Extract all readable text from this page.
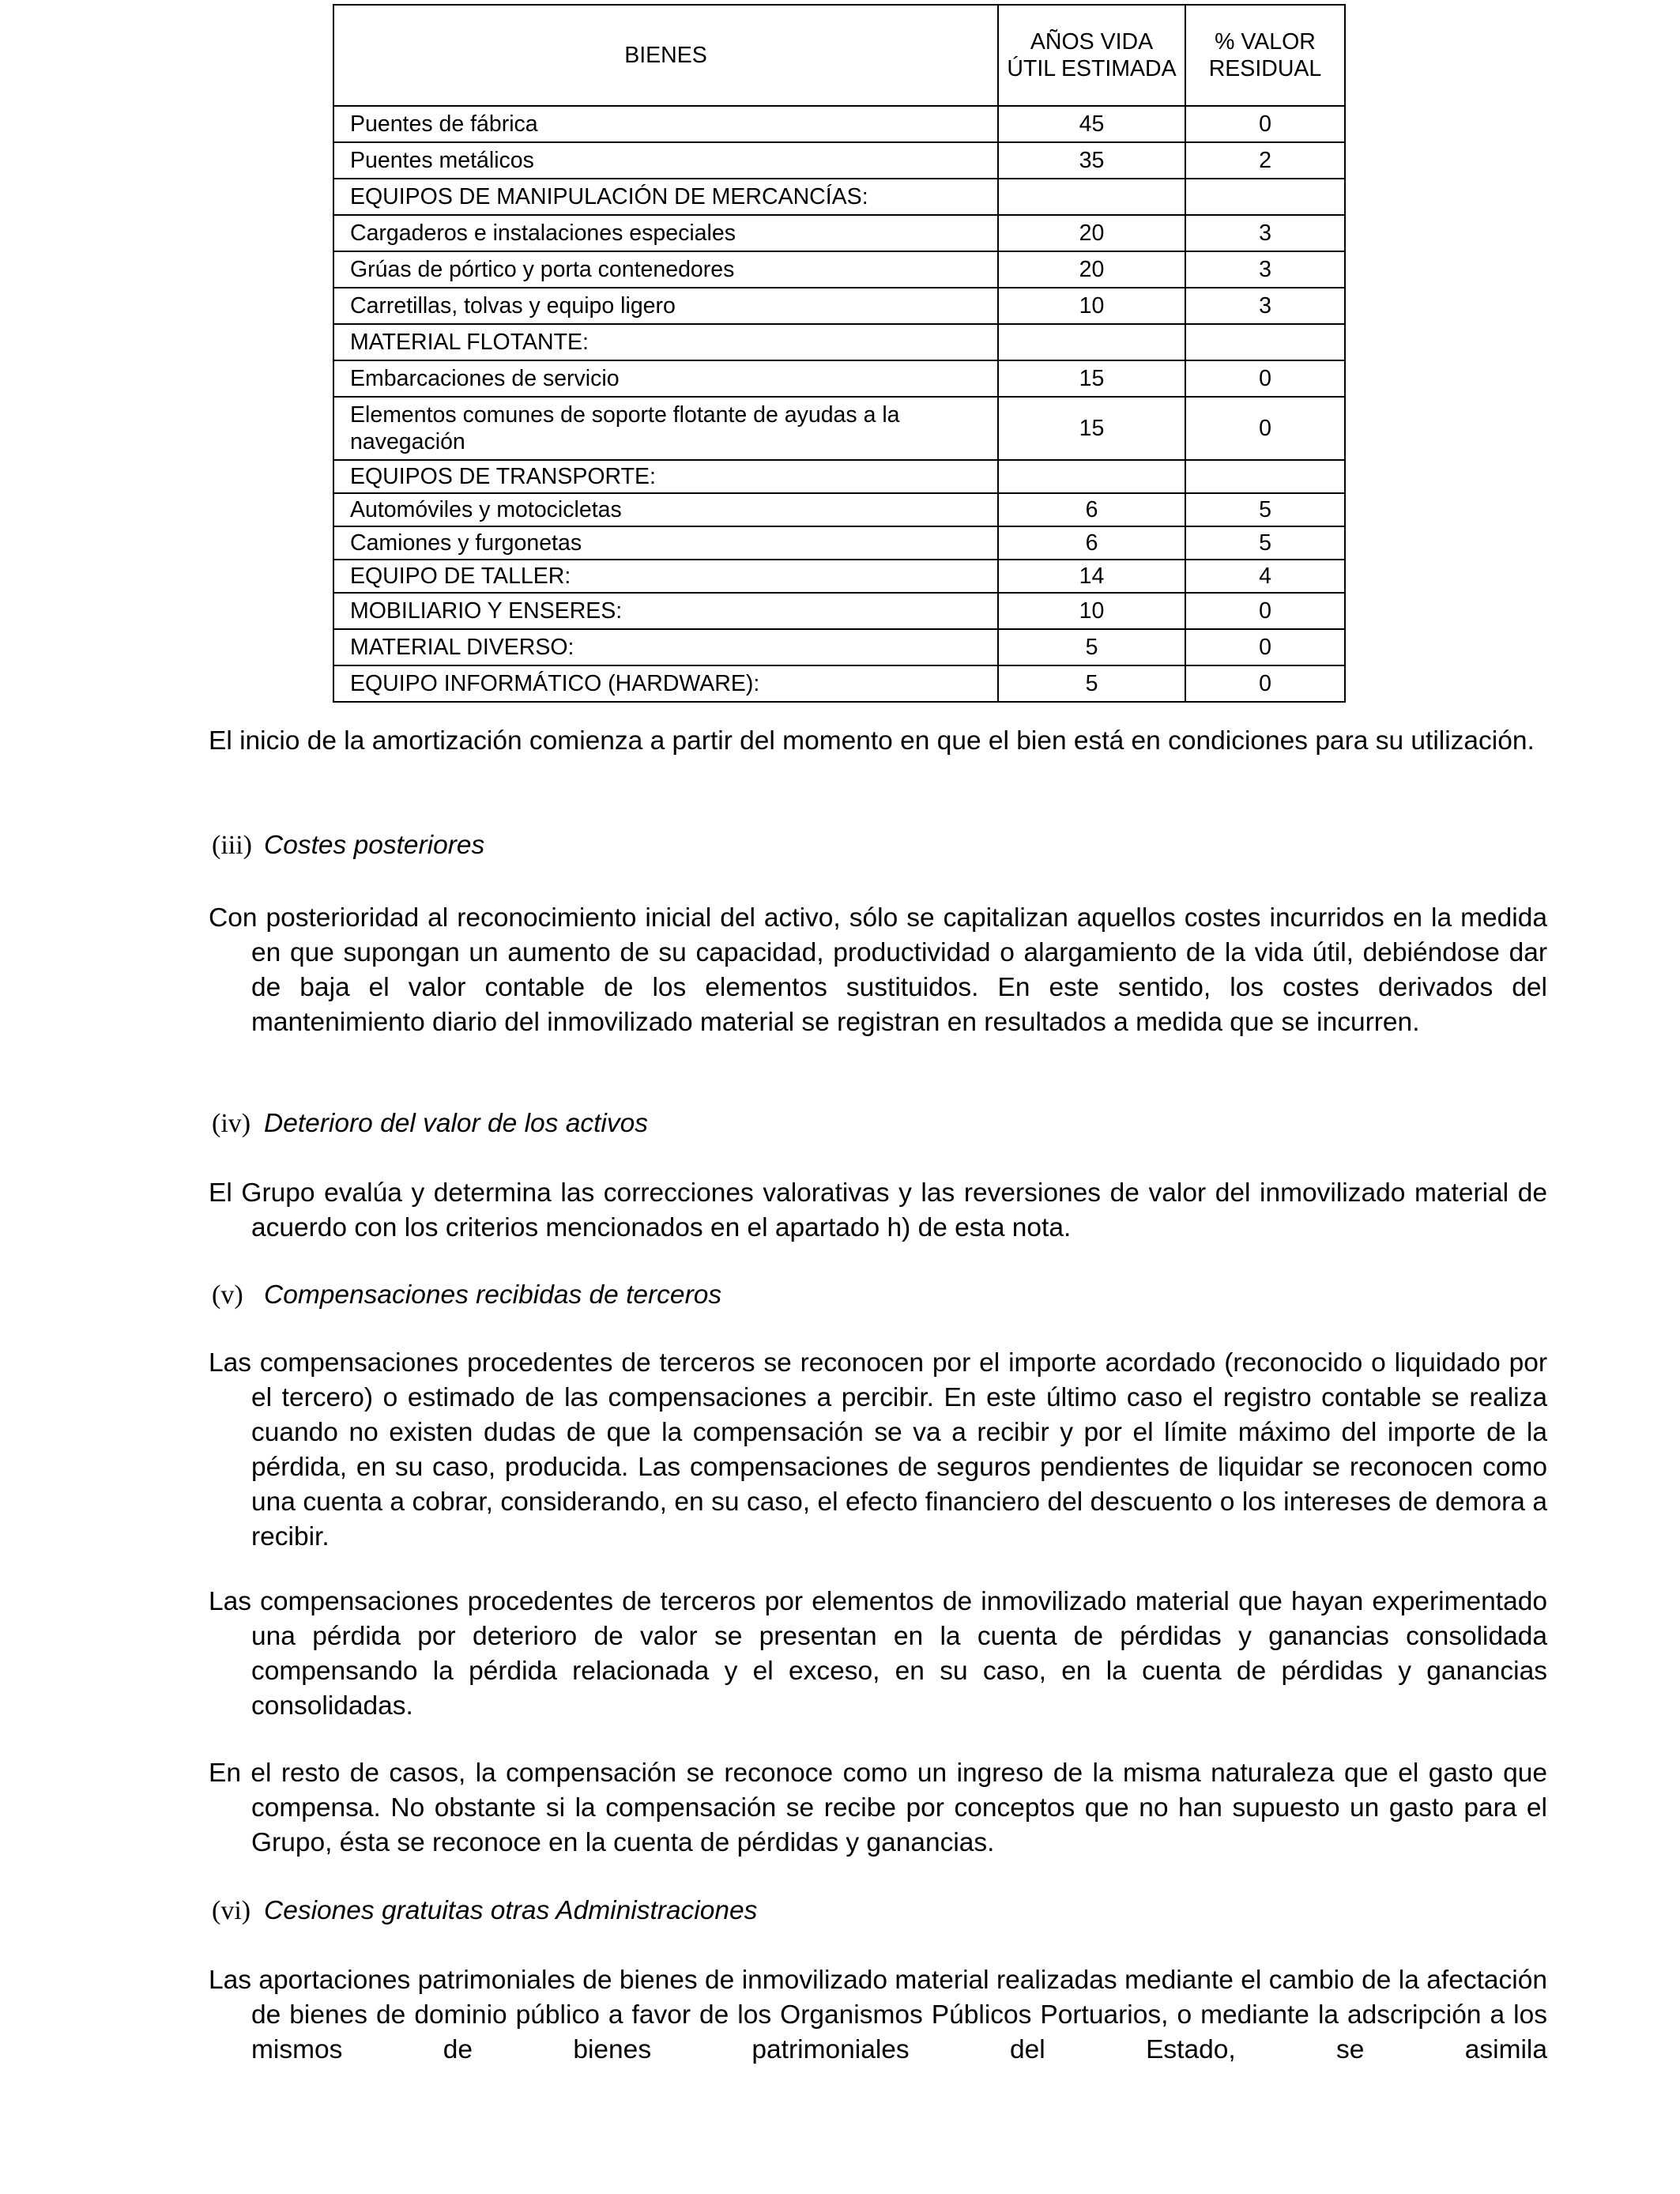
BIENES	AÑOS VIDA ÚTIL ESTIMADA	% VALOR RESIDUAL
Puentes de fábrica	45	0
Puentes metálicos	35	2
EQUIPOS DE MANIPULACIÓN DE MERCANCÍAS:		
Cargaderos e instalaciones especiales	20	3
Grúas de pórtico y porta contenedores	20	3
Carretillas, tolvas y equipo ligero	10	3
MATERIAL FLOTANTE:		
Embarcaciones de servicio	15	0
Elementos comunes de soporte flotante de ayudas a la navegación	15	0
EQUIPOS DE TRANSPORTE:		
Automóviles y motocicletas	6	5
Camiones y furgonetas	6	5
EQUIPO DE TALLER:	14	4
MOBILIARIO Y ENSERES:	10	0
MATERIAL DIVERSO:	5	0
EQUIPO INFORMÁTICO (HARDWARE):	5	0

El inicio de la amortización comienza a partir del momento en que el bien está en condiciones para su utilización.

(iii) Costes posteriores

Con posterioridad al reconocimiento inicial del activo, sólo se capitalizan aquellos costes incurridos en la medida en que supongan un aumento de su capacidad, productividad o alargamiento de la vida útil, debiéndose dar de baja el valor contable de los elementos sustituidos. En este sentido, los costes derivados del mantenimiento diario del inmovilizado material se registran en resultados a medida que se incurren.

(iv) Deterioro del valor de los activos

El Grupo evalúa y determina las correcciones valorativas y las reversiones de valor del inmovilizado material de acuerdo con los criterios mencionados en el apartado h) de esta nota.

(v) Compensaciones recibidas de terceros

Las compensaciones procedentes de terceros se reconocen por el importe acordado (reconocido o liquidado por el tercero) o estimado de las compensaciones a percibir. En este último caso el registro contable se realiza cuando no existen dudas de que la compensación se va a recibir y por el límite máximo del importe de la pérdida, en su caso, producida. Las compensaciones de seguros pendientes de liquidar se reconocen como una cuenta a cobrar, considerando, en su caso, el efecto financiero del descuento o los intereses de demora a recibir.

Las compensaciones procedentes de terceros por elementos de inmovilizado material que hayan experimentado una pérdida por deterioro de valor se presentan en la cuenta de pérdidas y ganancias consolidada compensando la pérdida relacionada y el exceso, en su caso, en la cuenta de pérdidas y ganancias consolidadas.

En el resto de casos, la compensación se reconoce como un ingreso de la misma naturaleza que el gasto que compensa. No obstante si la compensación se recibe por conceptos que no han supuesto un gasto para el Grupo, ésta se reconoce en la cuenta de pérdidas y ganancias.

(vi) Cesiones gratuitas otras Administraciones

Las aportaciones patrimoniales de bienes de inmovilizado material realizadas mediante el cambio de la afectación de bienes de dominio público a favor de los Organismos Públicos Portuarios, o mediante la adscripción a los mismos de bienes patrimoniales del Estado, se asimila
